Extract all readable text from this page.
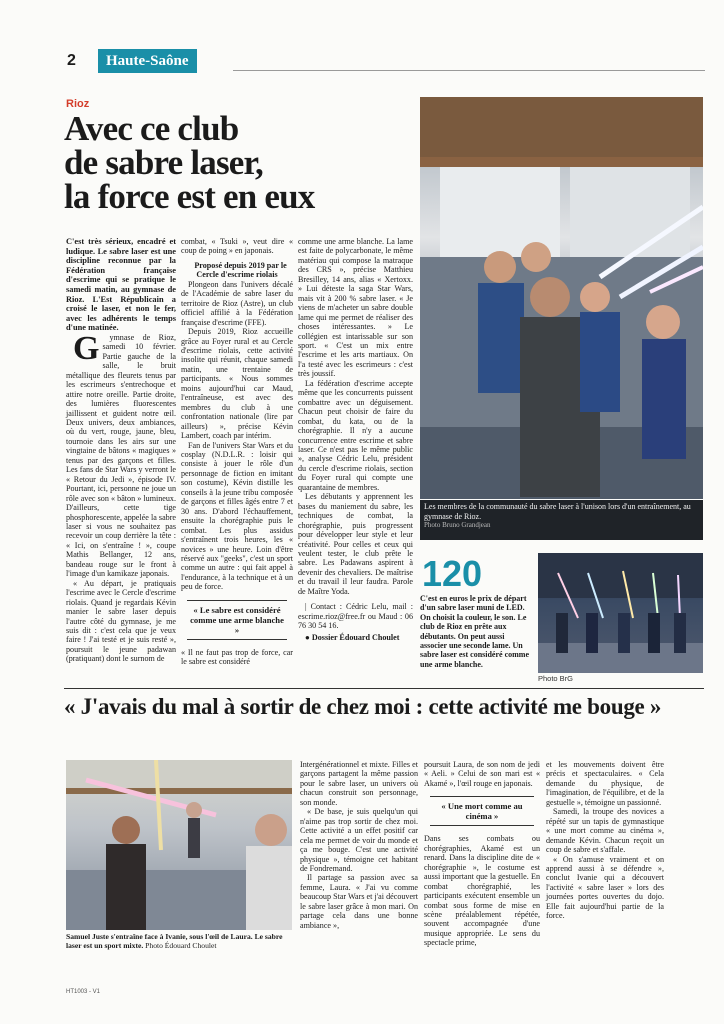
2	Haute-Saône
Rioz
Avec ce club
de sabre laser,
la force est en eux

C'est très sérieux, encadré et ludique. Le sabre laser est une discipline reconnue par la Fédération française d'escrime qui se pratique le samedi matin, au gymnase de Rioz. L'Est Républicain a croisé le laser, et non le fer, avec les adhérents le temps d'une matinée.

G ymnase de Rioz, samedi 10 février. Partie gauche de la salle, le bruit métallique des fleurets tenus par les escrimeurs s'entrechoque et attire notre oreille. Partie droite, des lumières fluorescentes jaillissent et guident notre œil. Deux univers, deux ambiances, où du vert, rouge, jaune, bleu, tournoie dans les airs sur une vingtaine de bâtons « magiques » tenus par des garçons et filles. Les fans de Star Wars y verront le « Retour du Jedi », épisode IV. Pourtant, ici, personne ne joue un rôle avec son « bâton » lumineux. D'ailleurs, cette tige phosphorescente, appelée la sabre laser si vous ne souhaitez pas recevoir un coup derrière la tête : « Ici, on s'entraîne ! », coupe Mathis Bellanger, 12 ans, bandeau rouge sur le front à l'image d'un kamikaze japonais.

« Au départ, je pratiquais l'escrime avec le Cercle d'escrime riolais. Quand je regardais Kévin manier le sabre laser depuis l'autre côté du gymnase, je me suis dit : c'est cela que je veux faire ! J'ai testé et je suis resté », poursuit le jeune padawan (pratiquant) dont le surnom de

combat, « Tsuki », veut dire « coup de poing » en japonais.

Proposé depuis 2019 par le Cercle d'escrime riolais

Plongeon dans l'univers décalé de l'Académie de sabre laser du territoire de Rioz (Astre), un club officiel affilié à la Fédération française d'escrime (FFE).

Depuis 2019, Rioz accueille grâce au Foyer rural et au Cercle d'escrime riolais, cette activité insolite qui réunit, chaque samedi matin, une trentaine de participants. « Nous sommes moins aujourd'hui car Maud, l'entraîneuse, est avec des membres du club à une confrontation nationale (lire par ailleurs) », précise Kévin Lambert, coach par intérim.

Fan de l'univers Star Wars et du cosplay (N.D.L.R. : loisir qui consiste à jouer le rôle d'un personnage de fiction en imitant son costume), Kévin distille les conseils à la jeune tribu composée de garçons et filles âgés entre 7 et 30 ans. D'abord l'échauffement, ensuite la chorégraphie puis le combat. Les plus assidus s'entraînent trois heures, les « novices » une heure. Loin d'être réservé aux "geeks", c'est un sport comme un autre : qui fait appel à l'endurance, à la technique et à un peu de force.

« Le sabre est considéré comme une arme blanche »

« Il ne faut pas trop de force, car le sabre est considéré

comme une arme blanche. La lame est faite de polycarbonate, le même matériau qui compose la matraque des CRS », précise Matthieu Bresilley, 14 ans, alias « Xertoxx. » Lui déteste la saga Star Wars, mais vit à 200 % sabre laser. « Je viens de m'acheter un sabre double lame qui me permet de réaliser des choses intéressantes. » Le collégien est intarissable sur son sport. « C'est un mix entre l'escrime et les arts martiaux. On l'a testé avec les escrimeurs : c'est très joussif.

La fédération d'escrime accepte même que les concurrents puissent combattre avec un déguisement. Chacun peut choisir de faire du combat, du kata, ou de la chorégraphie. Il n'y a aucune concurrence entre escrime et sabre laser. Ce n'est pas le même public », analyse Cédric Lelu, président du cercle d'escrime riolais, section du Foyer rural qui compte une quarantaine de membres.

Les débutants y apprennent les bases du maniement du sabre, les techniques de combat, la chorégraphie, puis progressent pour développer leur style et leur créativité. Pour celles et ceux qui veulent tester, le club prête le sabre. Les Padawans aspirent à devenir des chevaliers. De maîtrise et du travail il leur faudra. Parole de Maître Yoda.

| Contact : Cédric Lelu, mail : escrime.rioz@free.fr ou Maud : 06 76 30 54 16.

● Dossier Édouard Choulet

Les membres de la communauté du sabre laser à l'unison lors d'un entraînement, au gymnase de Rioz.
Photo Bruno Grandjean
120
C'est en euros le prix de départ d'un sabre laser muni de LED. On choisit la couleur, le son. Le club de Rioz en prête aux débutants. On peut aussi associer une seconde lame. Un sabre laser est considéré comme une arme blanche.
Photo BrG
« J'avais du mal à sortir de chez moi : cette activité me bouge »
Samuel Juste s'entraîne face à Ivanie, sous l'œil de Laura. Le sabre laser est un sport mixte. Photo Édouard Choulet

Intergénérationnel et mixte. Filles et garçons partagent la même passion pour le sabre laser, un univers où chacun construit son personnage, son monde.

« De base, je suis quelqu'un qui n'aime pas trop sortir de chez moi. Cette activité a un effet positif car cela me permet de voir du monde et ça me bouge. C'est une activité physique », témoigne cet habitant de Fondremand.

Il partage sa passion avec sa femme, Laura. « J'ai vu comme beaucoup Star Wars et j'ai découvert le sabre laser grâce à mon mari. On partage cela dans une bonne ambiance »,

poursuit Laura, de son nom de jedi « Aeli. » Celui de son mari est « Akamé », l'œil rouge en japonais.

« Une mort comme au cinéma »

Dans ses combats ou chorégraphies, Akamé est un renard. Dans la discipline dite de « chorégraphie », le costume est aussi important que la gestuelle. En combat chorégraphié, les participants exécutent ensemble un combat sous forme de mise en scène préalablement répétée, souvent accompagnée d'une musique appropriée. Le sens du spectacle prime,

et les mouvements doivent être précis et spectaculaires. « Cela demande du physique, de l'imagination, de l'équilibre, et de la gestuelle », témoigne un passionné.

Samedi, la troupe des novices a répété sur un tapis de gymnastique « une mort comme au cinéma », demande Kévin. Chacun reçoit un coup de sabre et s'affale.

« On s'amuse vraiment et on apprend aussi à se défendre », conclut Ivanie qui a découvert l'activité « sabre laser » lors des journées portes ouvertes du dojo. Elle fait aujourd'hui partie de la force.

HT1003 - V1
